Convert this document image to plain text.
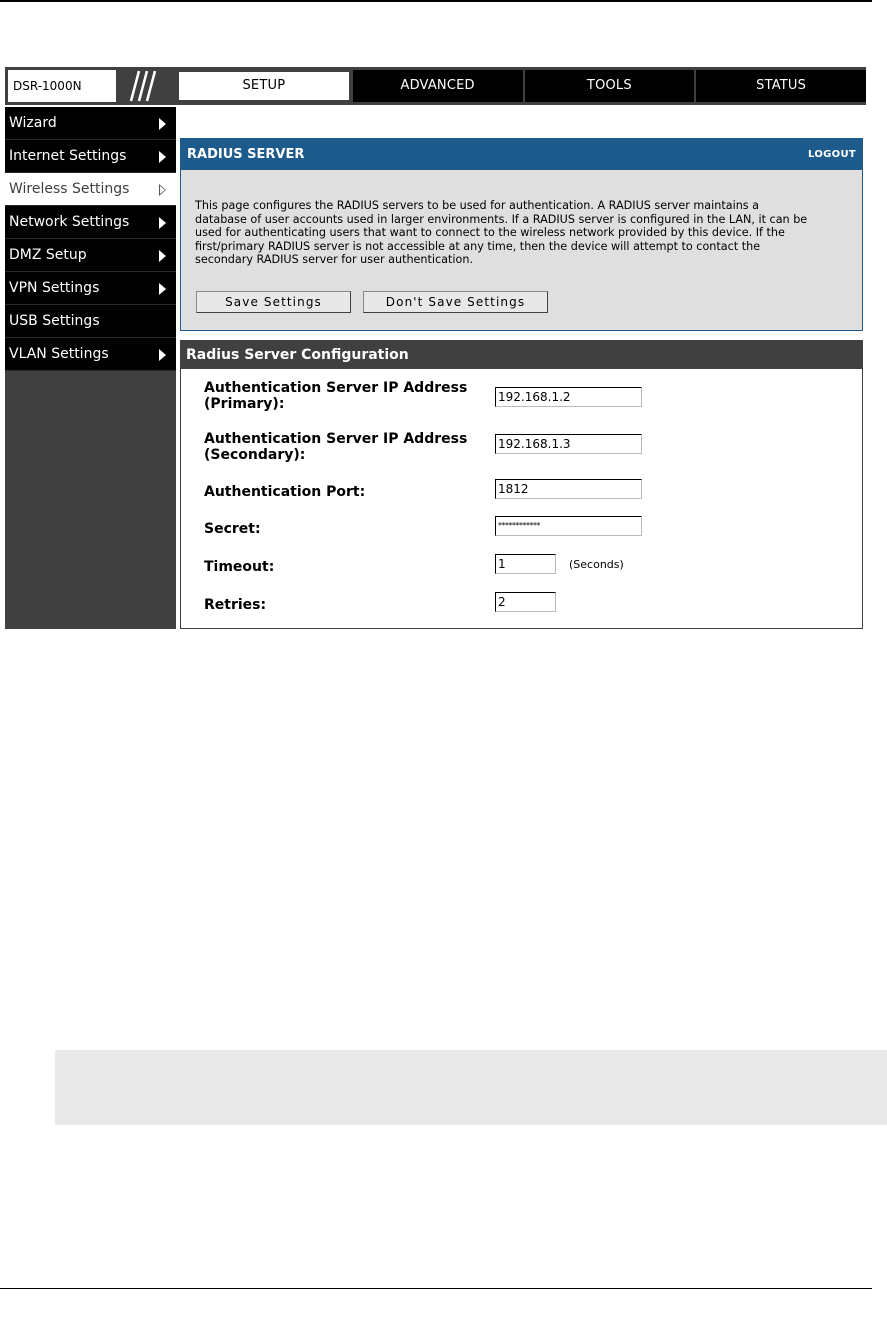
DSR-1000N	SETUP	ADVANCED	TOOLS	STATUS
Wizard
Internet Settings
Wireless Settings
Network Settings
DMZ Setup
VPN Settings
USB Settings
VLAN Settings
RADIUS SERVER	LOGOUT
This page configures the RADIUS servers to be used for authentication. A RADIUS server maintains a
database of user accounts used in larger environments. If a RADIUS server is configured in the LAN, it can be
used for authenticating users that want to connect to the wireless network provided by this device. If the
first/primary RADIUS server is not accessible at any time, then the device will attempt to contact the
secondary RADIUS server for user authentication.
Save Settings	Don't Save Settings
Radius Server Configuration
Authentication Server IP Address
(Primary):
192.168.1.2
Authentication Server IP Address
(Secondary):
192.168.1.3
Authentication Port:
1812
Secret:	************
Timeout:
1	(Seconds)
Retries:
2
